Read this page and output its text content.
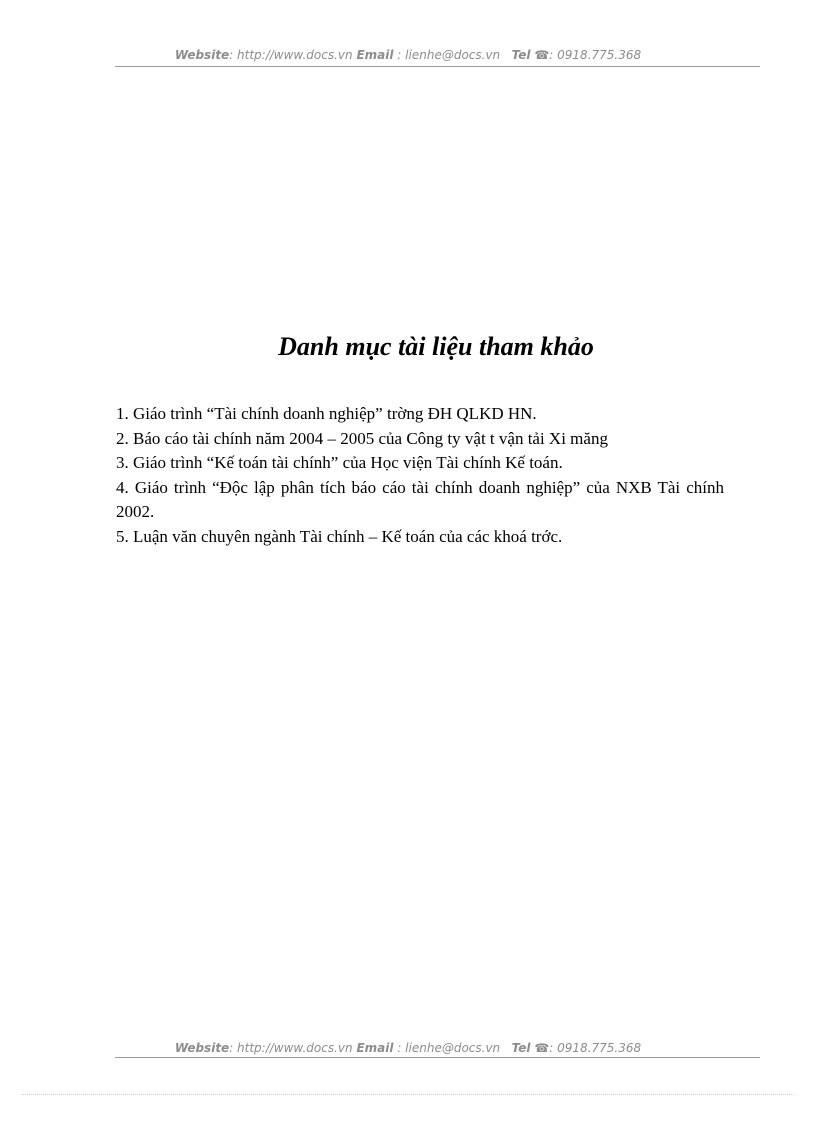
Website: http://www.docs.vn Email : lienhe@docs.vn Tel ☎: 0918.775.368
Danh mục tài liệu tham khảo
1. Giáo trình “Tài chính doanh nghiệp” trờng ĐH QLKD HN.
2. Báo cáo tài chính năm 2004 – 2005 của Công ty vật t vận tải Xi măng
3. Giáo trình “Kế toán tài chính” của Học viện Tài chính Kế toán.
4. Giáo trình “Độc lập phân tích báo cáo tài chính doanh nghiệp” của NXB Tài chính 2002.
5. Luận văn chuyên ngành Tài chính – Kế toán của các khoá trớc.
Website: http://www.docs.vn Email : lienhe@docs.vn Tel ☎: 0918.775.368
